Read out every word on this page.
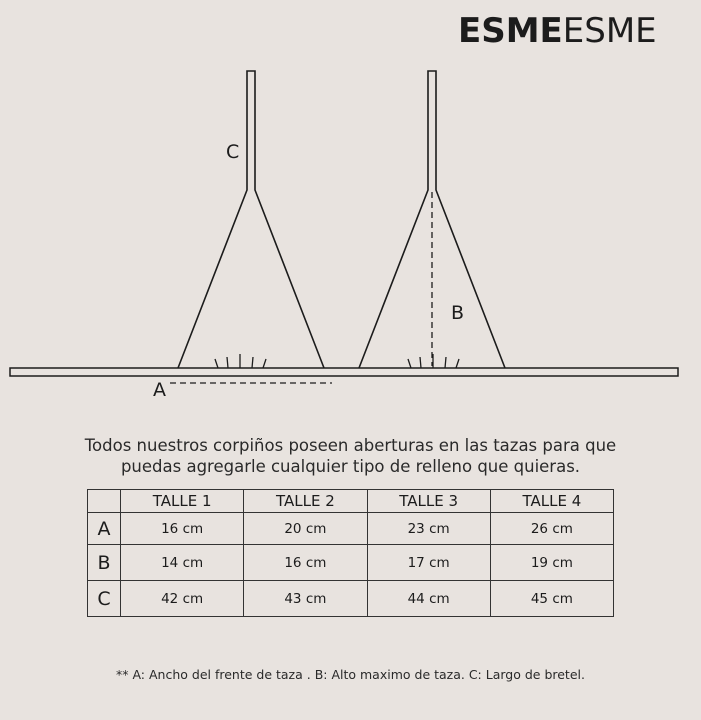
ESMEESME
C
B
A
Todos nuestros corpiños poseen aberturas en las tazas para que
puedas agregarle cualquier tipo de relleno que quieras.
	TALLE 1	TALLE 2	TALLE 3	TALLE 4
A	16 cm	20 cm	23 cm	26 cm
B	14 cm	16 cm	17 cm	19 cm
C	42 cm	43 cm	44 cm	45 cm
** A: Ancho del frente de taza . B: Alto maximo de taza. C: Largo de bretel.
